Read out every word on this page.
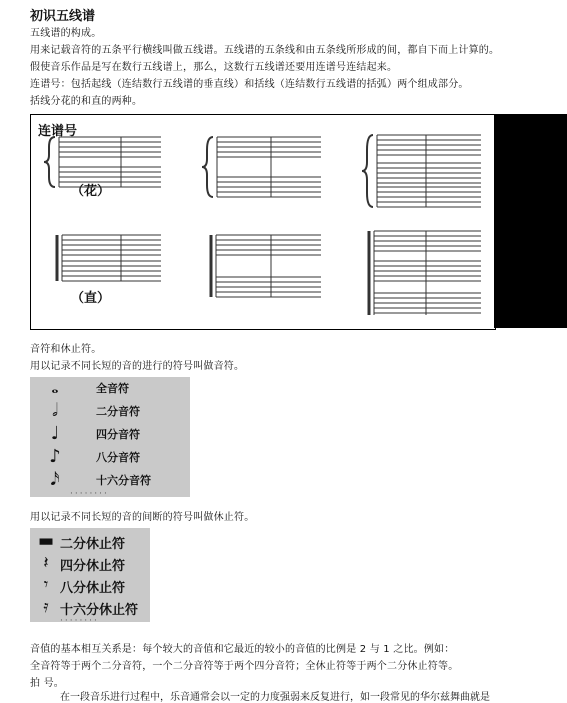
初识五线谱
五线谱的构成。
用来记载音符的五条平行横线叫做五线谱。五线谱的五条线和由五条线所形成的间，都自下而上计算的。
假使音乐作品是写在数行五线谱上，那么，这数行五线谱还要用连谱号连结起来。
连谱号：包括起线（连结数行五线谱的垂直线）和括线（连结数行五线谱的括弧）两个组成部分。
括线分花的和直的两种。
连谱号
（花）
（直）
音符和休止符。
用以记录不同长短的音的进行的符号叫做音符。
𝅝	全音符
𝅗𝅥	二分音符
♩	四分音符
♪	八分音符
𝅘𝅥𝅯	十六分音符
········
用以记录不同长短的音的间断的符号叫做休止符。
▬ 二分休止符
𝄽 四分休止符
𝄾 八分休止符
𝄿 十六分休止符
········
音值的基本相互关系是：每个较大的音值和它最近的较小的音值的比例是 2 与 1 之比。例如：
全音符等于两个二分音符，一个二分音符等于两个四分音符；全休止符等于两个二分休止符等。
拍 号。
在一段音乐进行过程中，乐音通常会以一定的力度强弱来反复进行，如一段常见的华尔兹舞曲就是
